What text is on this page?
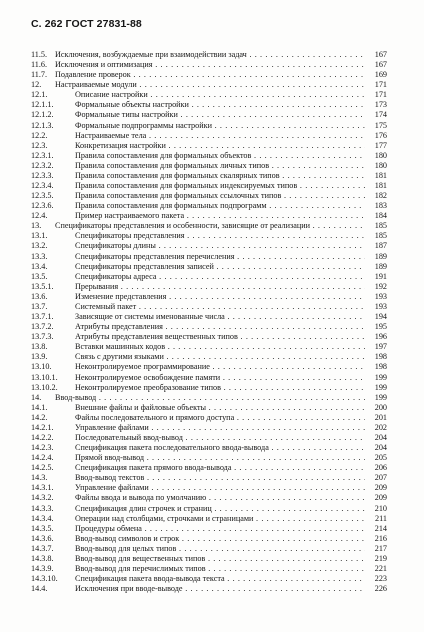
С. 262 ГОСТ 27831-88
11.5. Исключения, возбуждаемые при взаимодействии задач . . .	167
11.6. Исключения и оптимизация . . .	167
11.7. Подавление проверок . . .	169
12. Настраиваемые модули . . .	171
12.1.	Описание настройки . . .	171
12.1.1.	Формальные объекты настройки . . .	173
12.1.2.	Формальные типы настройки . . .	174
12.1.3.	Формальные подпрограммы настройки . . .	175
12.2.	Настраиваемые тела . . .	176
12.3.	Конкретизация настройки . . .	177
12.3.1.	Правила сопоставления для формальных объектов . . .	180
12.3.2.	Правила сопоставления для формальных личных типов . . .	180
12.3.3.	Правила сопоставления для формальных скалярных типов . . .	181
12.3.4.	Правила сопоставления для формальных индексируемых типов . . .	181
12.3.5.	Правила сопоставления для формальных ссылочных типов . . .	182
12.3.6.	Правила сопоставления для формальных подпрограмм . . .	183
12.4.	Пример настраиваемого пакета . . .	184
13. Спецификаторы представления и особенности, зависящие от реализации . . .	185
13.1.	Спецификаторы представления . . .	185
13.2.	Спецификаторы длины . . .	187
13.3.	Спецификаторы представления перечисления . . .	189
13.4.	Спецификаторы представления записей . . .	189
13.5.	Спецификаторы адреса . . .	191
13.5.1.	Прерывания . . .	192
13.6.	Изменение представления . . .	193
13.7.	Системный пакет . . .	193
13.7.1.	Зависящие от системы именованные числа . . .	194
13.7.2.	Атрибуты представления . . .	195
13.7.3.	Атрибуты представления вещественных типов . . .	196
13.8.	Вставки машинных кодов . . .	197
13.9.	Связь с другими языками . . .	198
13.10.	Неконтролируемое программирование . . .	198
13.10.1. Неконтролируемое освобождение памяти . . .	199
13.10.2. Неконтролируемое преобразование типов . . .	199
14. Ввод-вывод . . .	199
14.1.	Внешние файлы и файловые объекты . . .	200
14.2.	Файлы последовательного и прямого доступа . . .	201
14.2.1.	Управление файлами . . .	202
14.2.2.	Последовательный ввод-вывод . . .	204
14.2.3.	Спецификация пакета последовательного ввода-вывода . . .	204
14.2.4.	Прямой ввод-вывод . . .	205
14.2.5.	Спецификация пакета прямого ввода-вывода . . .	206
14.3.	Ввод-вывод текстов . . .	207
14.3.1.	Управление файлами . . .	209
14.3.2.	Файлы ввода и вывода по умолчанию . . .	209
14.3.3.	Спецификация длин строчек и страниц . . .	210
14.3.4.	Операции над столбцами, строчками и страницами . . .	211
14.3.5.	Процедуры обмена . . .	214
14.3.6.	Ввод-вывод символов и строк . . .	216
14.3.7.	Ввод-вывод для целых типов . . .	217
14.3.8.	Ввод-вывод для вещественных типов . . .	219
14.3.9.	Ввод-вывод для перечислимых типов . . .	221
14.3.10. Спецификация пакета ввода-вывода текста . . .	223
14.4.	Исключения при вводе-выводе . . .	226
